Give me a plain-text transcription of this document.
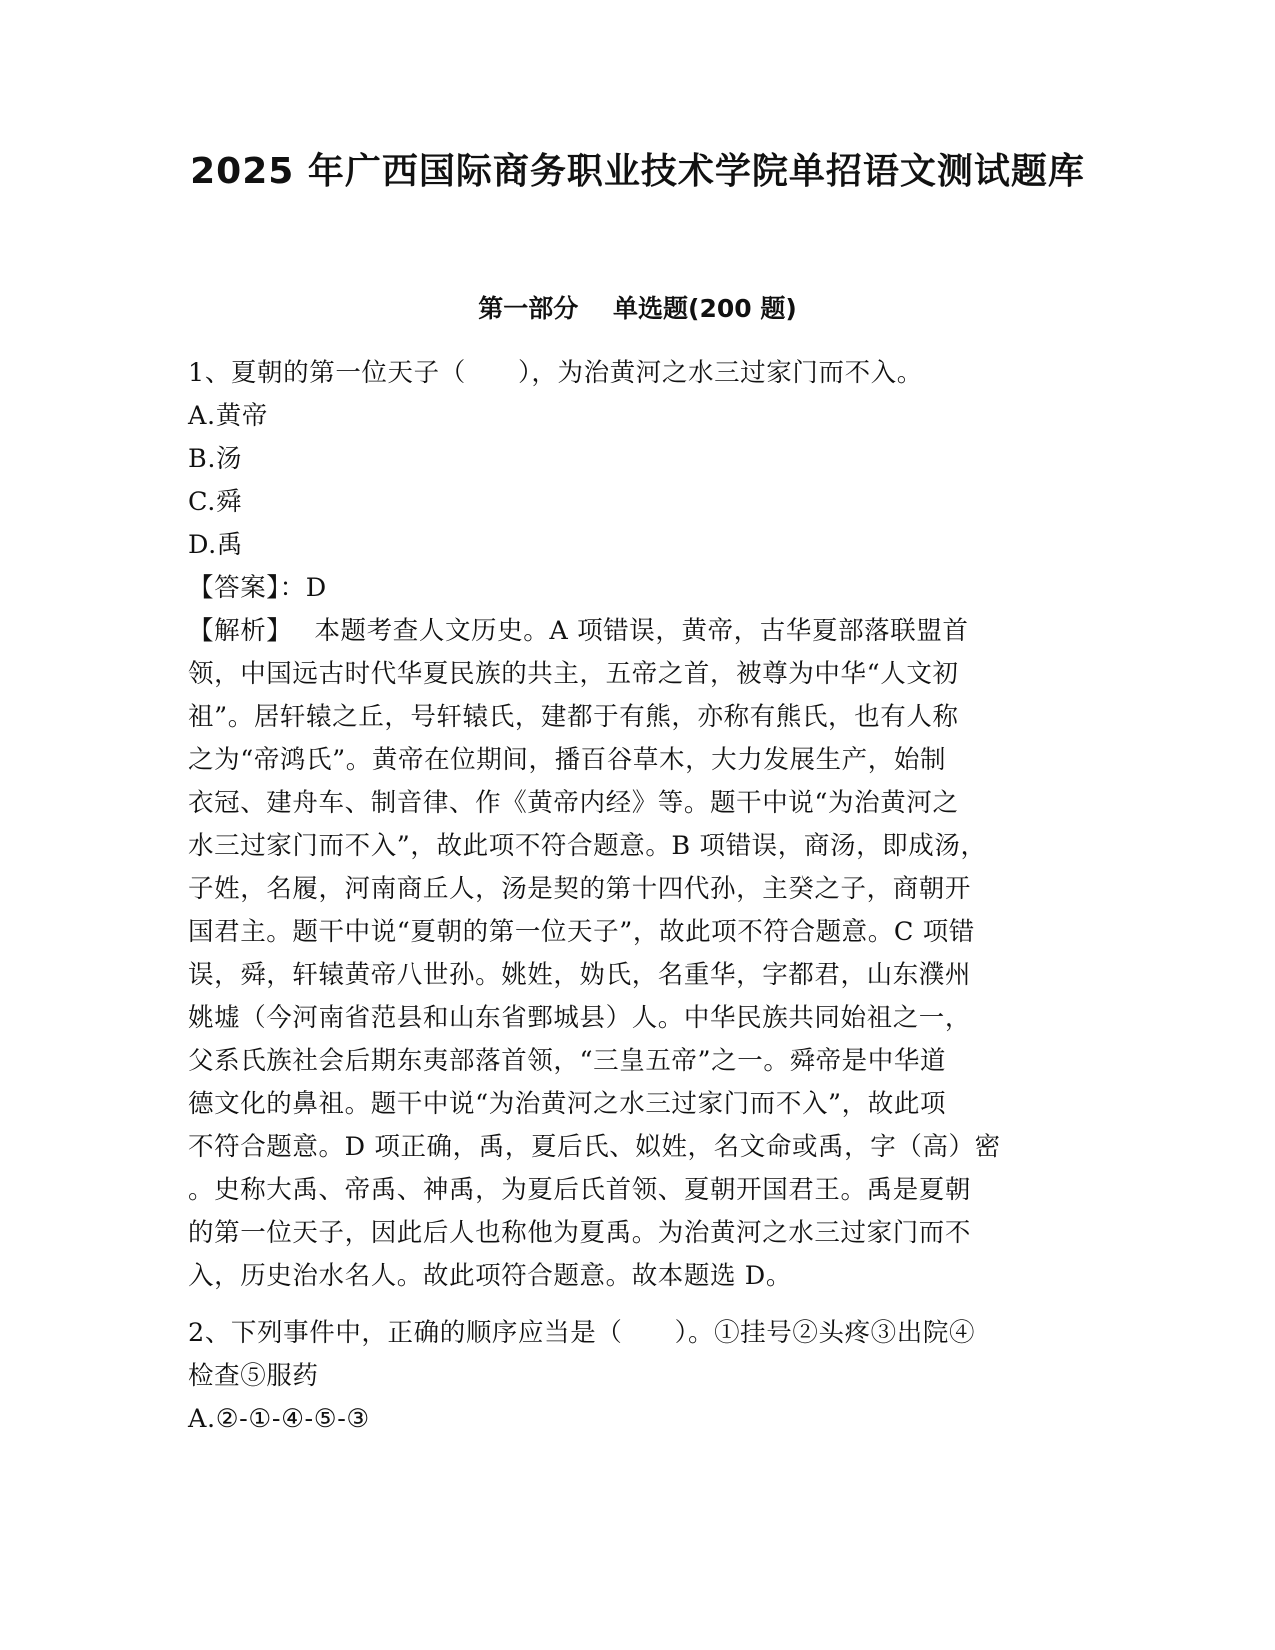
2025 年广西国际商务职业技术学院单招语文测试题库
第一部分    单选题(200 题)
1、夏朝的第一位天子（　　），为治黄河之水三过家门而不入。
A.黄帝
B.汤
C.舜
D.禹
【答案】：D
【解析】　 本题考查人文历史。A 项错误，黄帝，古华夏部落联盟首
领，中国远古时代华夏民族的共主，五帝之首，被尊为中华“人文初
祖”。居轩辕之丘，号轩辕氏，建都于有熊，亦称有熊氏，也有人称
之为“帝鸿氏”。黄帝在位期间，播百谷草木，大力发展生产，始制
衣冠、建舟车、制音律、作《黄帝内经》等。题干中说“为治黄河之
水三过家门而不入”，故此项不符合题意。B 项错误，商汤，即成汤，
子姓，名履，河南商丘人，汤是契的第十四代孙，主癸之子，商朝开
国君主。题干中说“夏朝的第一位天子”，故此项不符合题意。C 项错
误，舜，轩辕黄帝八世孙。姚姓，妫氏，名重华，字都君，山东濮州
姚墟（今河南省范县和山东省鄄城县）人。中华民族共同始祖之一，
父系氏族社会后期东夷部落首领，“三皇五帝”之一。舜帝是中华道
德文化的鼻祖。题干中说“为治黄河之水三过家门而不入”，故此项
不符合题意。D 项正确，禹，夏后氏、姒姓，名文命或禹，字（高）密
。史称大禹、帝禹、神禹，为夏后氏首领、夏朝开国君王。禹是夏朝
的第一位天子，因此后人也称他为夏禹。为治黄河之水三过家门而不
入，历史治水名人。故此项符合题意。故本题选 D。
2、下列事件中，正确的顺序应当是（　　）。①挂号②头疼③出院④
检查⑤服药
A.②-①-④-⑤-③
